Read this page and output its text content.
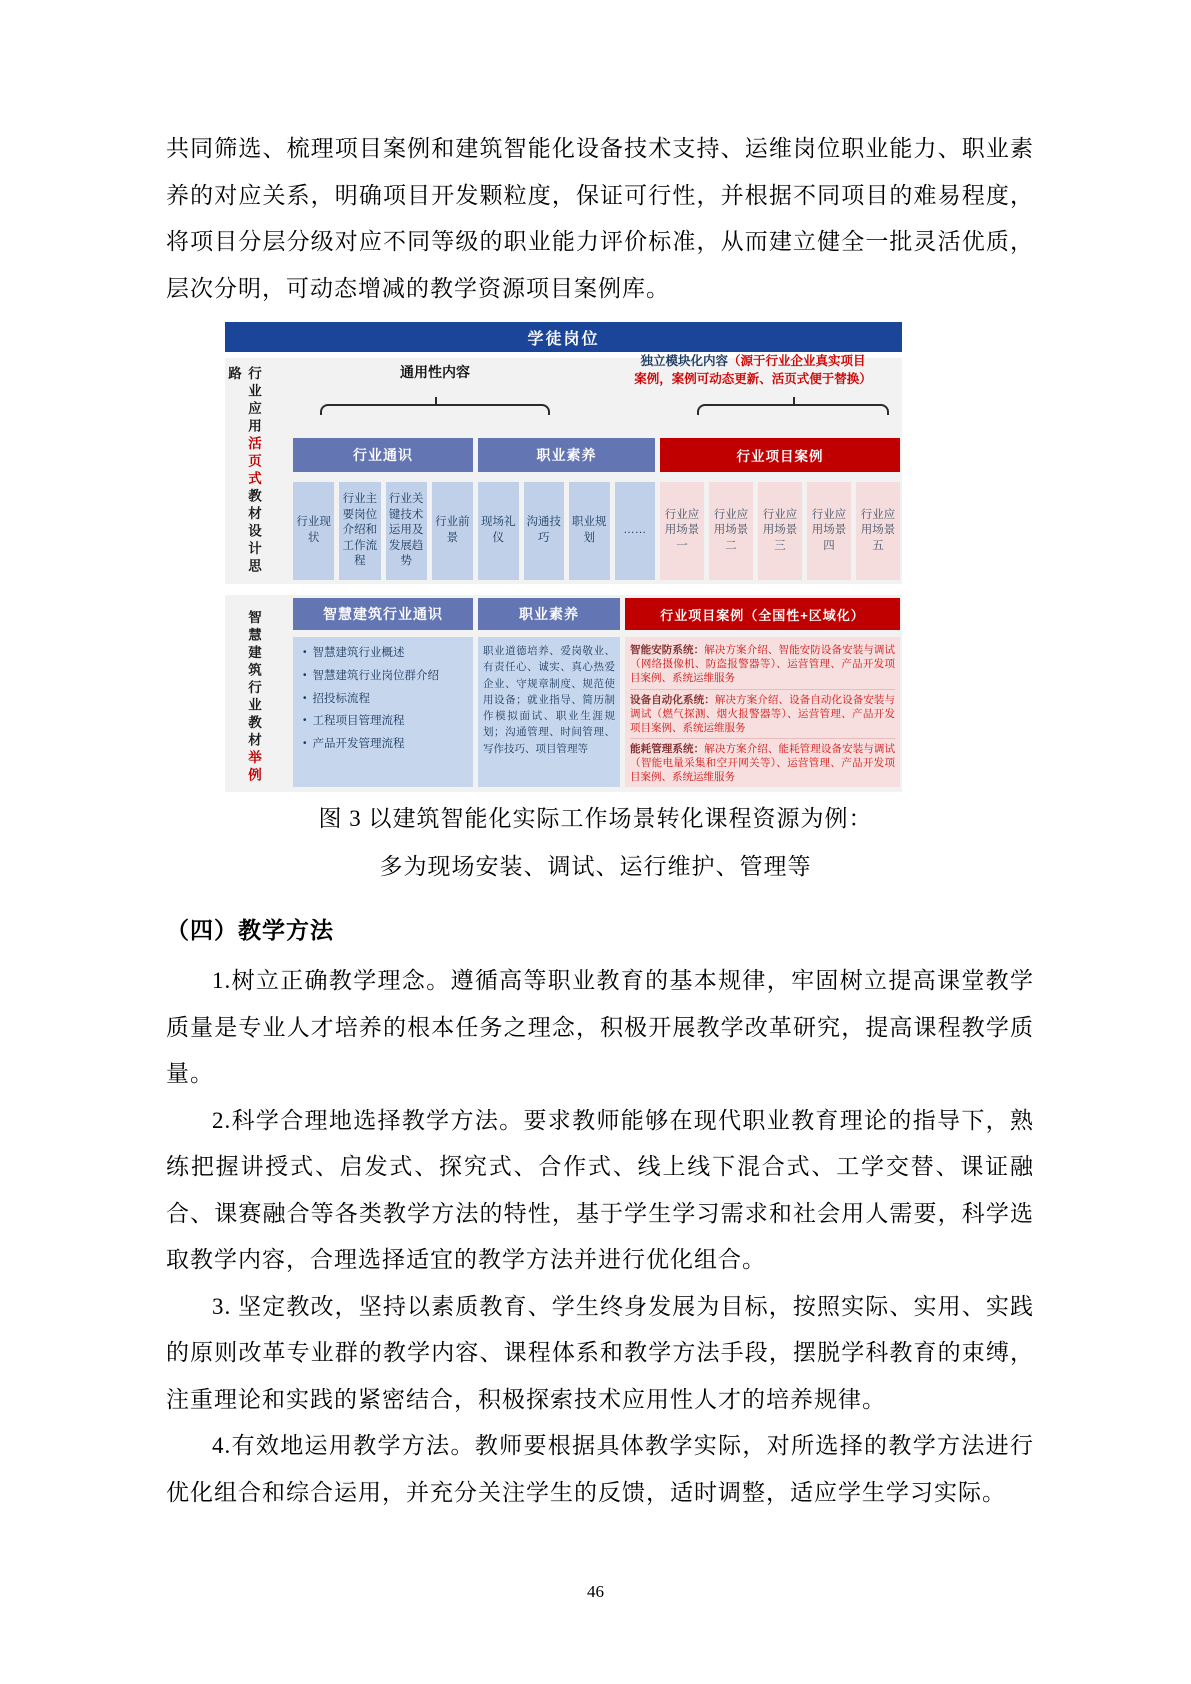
共同筛选、梳理项目案例和建筑智能化设备技术支持、运维岗位职业能力、职业素养的对应关系，明确项目开发颗粒度，保证可行性，并根据不同项目的难易程度，将项目分层分级对应不同等级的职业能力评价标准，从而建立健全一批灵活优质，层次分明，可动态增减的教学资源项目案例库。
学徒岗位
行业应用活页式教材设计思路
智慧建筑行业教材举例
通用性内容
独立模块化内容（源于行业企业真实项目
案例，案例可动态更新、活页式便于替换）
行业通识	职业素养	行业项目案例
行业现状
行业主要岗位介绍和工作流程
行业关键技术运用及发展趋势
行业前景
现场礼仪
沟通技巧
职业规划
……
行业应用场景一
行业应用场景二
行业应用场景三
行业应用场景四
行业应用场景五
智慧建筑行业通识	职业素养	行业项目案例（全国性+区域化）
• 智慧建筑行业概述
• 智慧建筑行业岗位群介绍
• 招投标流程
• 工程项目管理流程
• 产品开发管理流程
职业道德培养、爱岗敬业、有责任心、诚实、真心热爱企业、守规章制度、规范使用设备；就业指导、简历制作模拟面试、职业生涯规划；沟通管理、时间管理、写作技巧、项目管理等
智能安防系统：解决方案介绍、智能安防设备安装与调试（网络摄像机、防盗报警器等）、运营管理、产品开发项目案例、系统运维服务
设备自动化系统：解决方案介绍、设备自动化设备安装与调试（燃气探测、烟火报警器等）、运营管理、产品开发项目案例、系统运维服务
能耗管理系统：解决方案介绍、能耗管理设备安装与调试（智能电量采集和空开网关等）、运营管理、产品开发项目案例、系统运维服务
图 3 以建筑智能化实际工作场景转化课程资源为例：
多为现场安装、调试、运行维护、管理等
（四）教学方法

1.树立正确教学理念。遵循高等职业教育的基本规律，牢固树立提高课堂教学质量是专业人才培养的根本任务之理念，积极开展教学改革研究，提高课程教学质量。

2.科学合理地选择教学方法。要求教师能够在现代职业教育理论的指导下，熟练把握讲授式、启发式、探究式、合作式、线上线下混合式、工学交替、课证融合、课赛融合等各类教学方法的特性，基于学生学习需求和社会用人需要，科学选取教学内容，合理选择适宜的教学方法并进行优化组合。

3. 坚定教改，坚持以素质教育、学生终身发展为目标，按照实际、实用、实践的原则改革专业群的教学内容、课程体系和教学方法手段，摆脱学科教育的束缚，注重理论和实践的紧密结合，积极探索技术应用性人才的培养规律。

4.有效地运用教学方法。教师要根据具体教学实际，对所选择的教学方法进行优化组合和综合运用，并充分关注学生的反馈，适时调整，适应学生学习实际。

46
